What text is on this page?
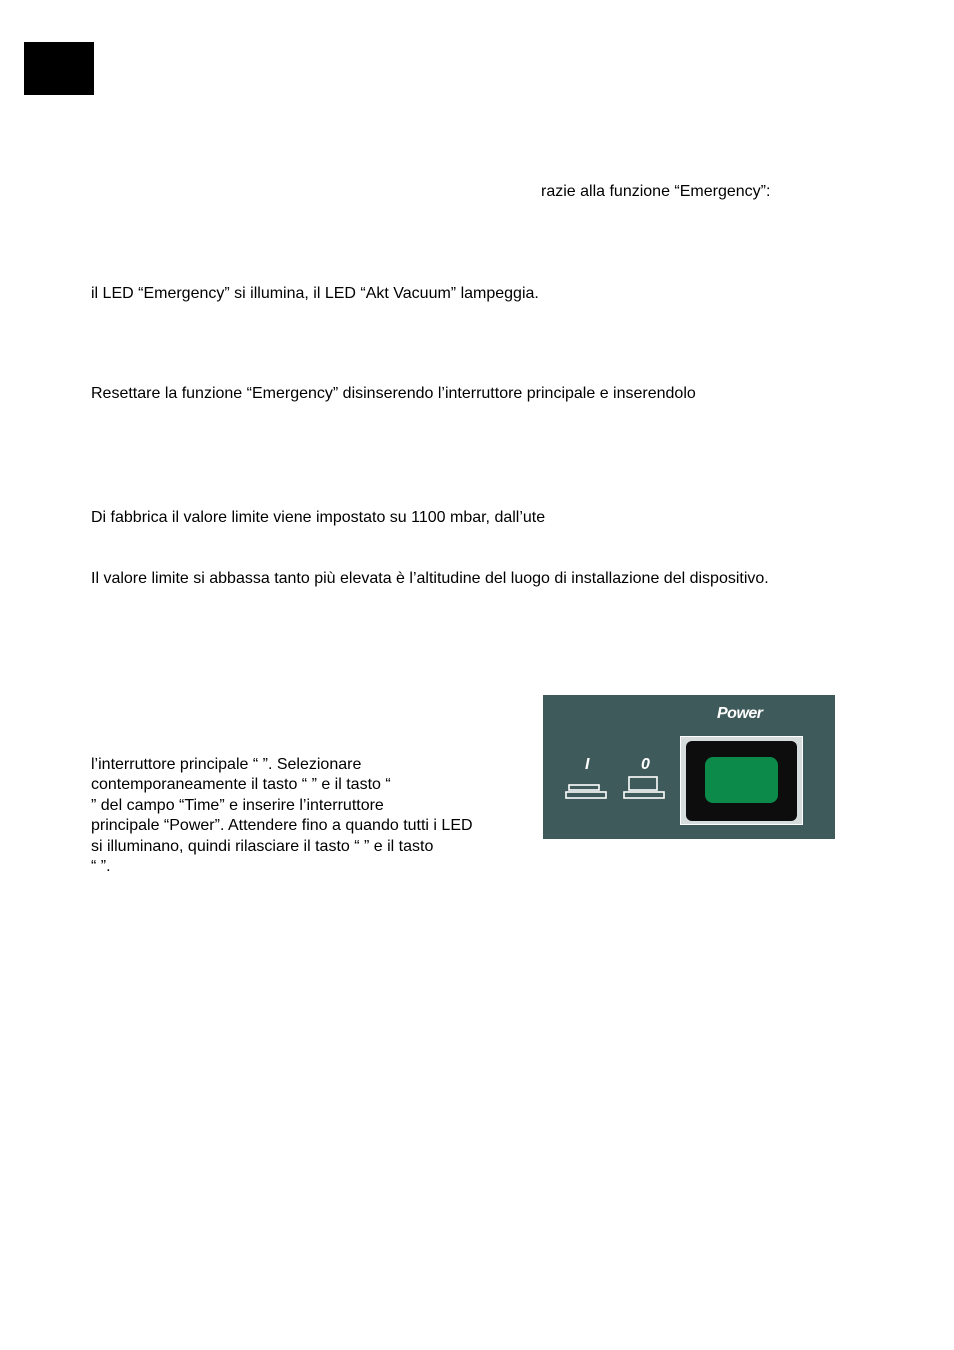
razie alla funzione “Emergency”:
il LED “Emergency” si illumina, il LED “Akt Vacuum” lampeggia.
Resettare la funzione “Emergency” disinserendo l’interruttore principale e inserendolo
Di fabbrica il valore limite viene impostato su 1100 mbar, dall’ute
Il valore limite si abbassa tanto più elevata è l’altitudine del luogo di installazione del dispositivo.
l’interruttore principale “ ”. Selezionare
contemporaneamente il tasto “ ” e il tasto “
” del campo “Time” e inserire l’interruttore
principale “Power”. Attendere fino a quando tutti i LED
si illuminano, quindi rilasciare il tasto “ ” e il tasto
“ ”.
Power
I	0
